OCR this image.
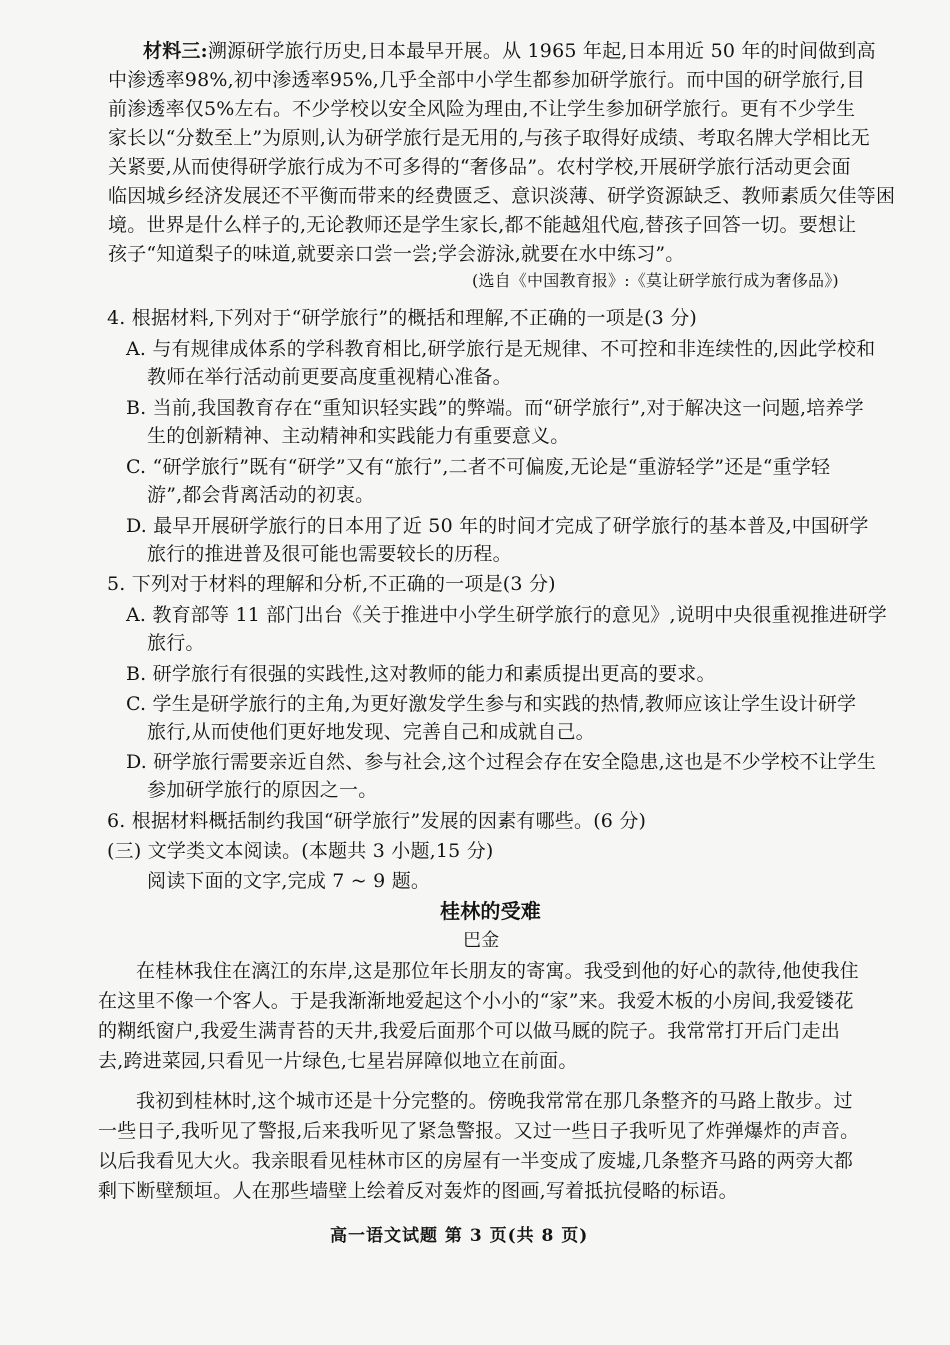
材料三:溯源研学旅行历史,日本最早开展。从 1965 年起,日本用近 50 年的时间做到高
中渗透率98%,初中渗透率95%,几乎全部中小学生都参加研学旅行。而中国的研学旅行,目
前渗透率仅5%左右。不少学校以安全风险为理由,不让学生参加研学旅行。更有不少学生
家长以“分数至上”为原则,认为研学旅行是无用的,与孩子取得好成绩、考取名牌大学相比无
关紧要,从而使得研学旅行成为不可多得的“奢侈品”。农村学校,开展研学旅行活动更会面
临因城乡经济发展还不平衡而带来的经费匮乏、意识淡薄、研学资源缺乏、教师素质欠佳等困
境。世界是什么样子的,无论教师还是学生家长,都不能越俎代庖,替孩子回答一切。要想让
孩子“知道梨子的味道,就要亲口尝一尝;学会游泳,就要在水中练习”。
(选自《中国教育报》:《莫让研学旅行成为奢侈品》)
4. 根据材料,下列对于“研学旅行”的概括和理解,不正确的一项是(3 分)
A. 与有规律成体系的学科教育相比,研学旅行是无规律、不可控和非连续性的,因此学校和
教师在举行活动前更要高度重视精心准备。
B. 当前,我国教育存在“重知识轻实践”的弊端。而“研学旅行”,对于解决这一问题,培养学
生的创新精神、主动精神和实践能力有重要意义。
C. “研学旅行”既有“研学”又有“旅行”,二者不可偏废,无论是“重游轻学”还是“重学轻
游”,都会背离活动的初衷。
D. 最早开展研学旅行的日本用了近 50 年的时间才完成了研学旅行的基本普及,中国研学
旅行的推进普及很可能也需要较长的历程。
5. 下列对于材料的理解和分析,不正确的一项是(3 分)
A. 教育部等 11 部门出台《关于推进中小学生研学旅行的意见》,说明中央很重视推进研学
旅行。
B. 研学旅行有很强的实践性,这对教师的能力和素质提出更高的要求。
C. 学生是研学旅行的主角,为更好激发学生参与和实践的热情,教师应该让学生设计研学
旅行,从而使他们更好地发现、完善自己和成就自己。
D. 研学旅行需要亲近自然、参与社会,这个过程会存在安全隐患,这也是不少学校不让学生
参加研学旅行的原因之一。
6. 根据材料概括制约我国“研学旅行”发展的因素有哪些。(6 分)
(三) 文学类文本阅读。(本题共 3 小题,15 分)
阅读下面的文字,完成 7 ~ 9 题。
桂林的受难
巴金
在桂林我住在漓江的东岸,这是那位年长朋友的寄寓。我受到他的好心的款待,他使我住
在这里不像一个客人。于是我渐渐地爱起这个小小的“家”来。我爱木板的小房间,我爱镂花
的糊纸窗户,我爱生满青苔的天井,我爱后面那个可以做马厩的院子。我常常打开后门走出
去,跨进菜园,只看见一片绿色,七星岩屏障似地立在前面。
我初到桂林时,这个城市还是十分完整的。傍晚我常常在那几条整齐的马路上散步。过
一些日子,我听见了警报,后来我听见了紧急警报。又过一些日子我听见了炸弹爆炸的声音。
以后我看见大火。我亲眼看见桂林市区的房屋有一半变成了废墟,几条整齐马路的两旁大都
剩下断壁颓垣。人在那些墙壁上绘着反对轰炸的图画,写着抵抗侵略的标语。
高一语文试题 第 3 页(共 8 页)
